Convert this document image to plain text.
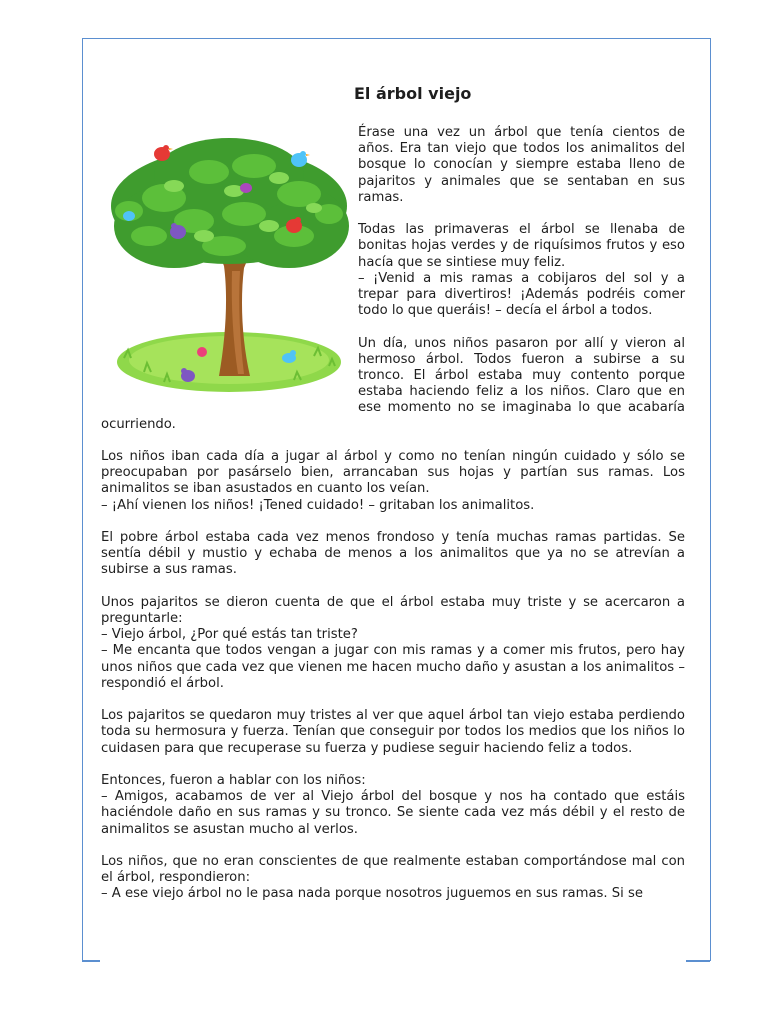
El árbol viejo

Érase una vez un árbol que tenía cientos de años. Era tan viejo que todos los animalitos del bosque lo conocían y siempre estaba lleno de pajaritos y animales que se sentaban en sus ramas.

Todas las primaveras el árbol se llenaba de bonitas hojas verdes y de riquísimos frutos y eso hacía que se sintiese muy feliz.
– ¡Venid a mis ramas a cobijaros del sol y a trepar para divertiros! ¡Además podréis comer todo lo que queráis! – decía el árbol a todos.

Un día, unos niños pasaron por allí y vieron al hermoso árbol. Todos fueron a subirse a su tronco. El árbol estaba muy contento porque estaba haciendo feliz a los niños. Claro que en ese momento no se imaginaba lo que acabaría ocurriendo.

Los niños iban cada día a jugar al árbol y como no tenían ningún cuidado y sólo se preocupaban por pasárselo bien, arrancaban sus hojas y partían sus ramas. Los animalitos se iban asustados en cuanto los veían.
– ¡Ahí vienen los niños! ¡Tened cuidado! – gritaban los animalitos.

El pobre árbol estaba cada vez menos frondoso y tenía muchas ramas partidas. Se sentía débil y mustio y echaba de menos a los animalitos que ya no se atrevían a subirse a sus ramas.

Unos pajaritos se dieron cuenta de que el árbol estaba muy triste y se acercaron a preguntarle:
– Viejo árbol, ¿Por qué estás tan triste?
– Me encanta que todos vengan a jugar con mis ramas y a comer mis frutos, pero hay unos niños que cada vez que vienen me hacen mucho daño y asustan a los animalitos – respondió el árbol.

Los pajaritos se quedaron muy tristes al ver que aquel árbol tan viejo estaba perdiendo toda su hermosura y fuerza. Tenían que conseguir por todos los medios que los niños lo cuidasen para que recuperase su fuerza y pudiese seguir haciendo feliz a todos.

Entonces, fueron a hablar con los niños:
– Amigos, acabamos de ver al Viejo árbol del bosque y nos ha contado que estáis haciéndole daño en sus ramas y su tronco. Se siente cada vez más débil y el resto de animalitos se asustan mucho al verlos.

Los niños, que no eran conscientes de que realmente estaban comportándose mal con el árbol, respondieron:
– A ese viejo árbol no le pasa nada porque nosotros juguemos en sus ramas. Si se
